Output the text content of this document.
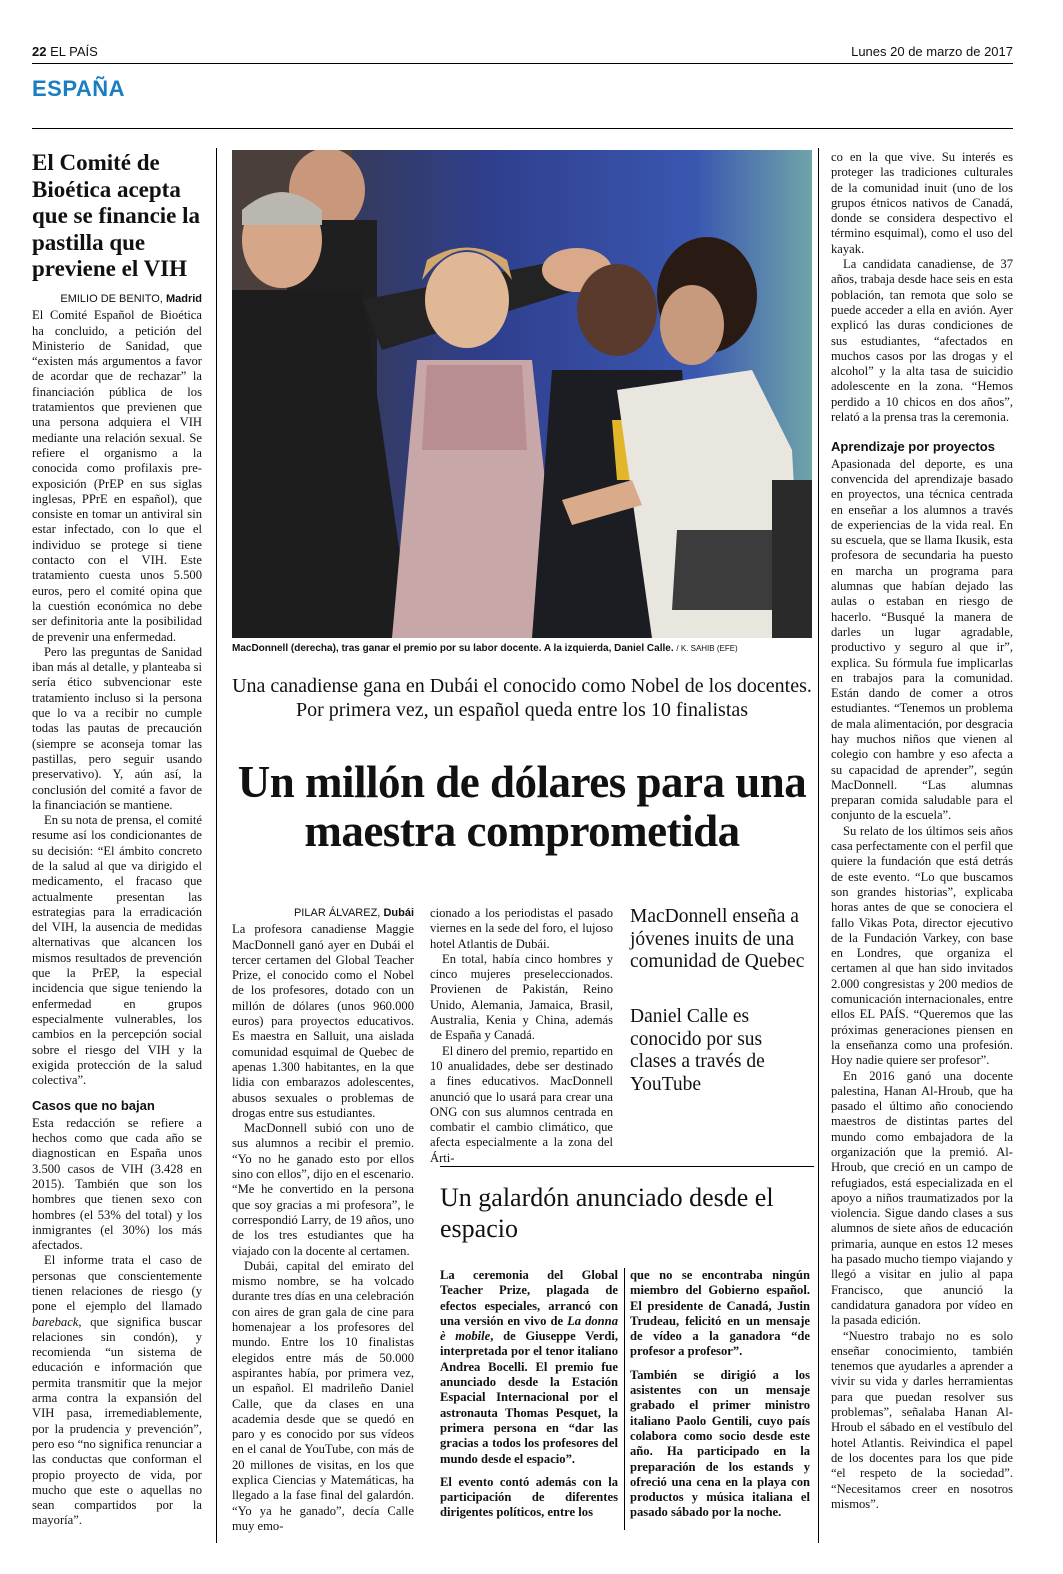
22 EL PAÍS	Lunes 20 de marzo de 2017
ESPAÑA
El Comité de Bioética acepta que se financie la pastilla que previene el VIH
EMILIO DE BENITO, Madrid

El Comité Español de Bioética ha concluido, a petición del Ministerio de Sanidad, que “existen más argumentos a favor de acordar que de rechazar” la financiación pública de los tratamientos que previenen que una persona adquiera el VIH mediante una relación sexual. Se refiere el organismo a la conocida como profilaxis pre-exposición (PrEP en sus siglas inglesas, PPrE en español), que consiste en tomar un antiviral sin estar infectado, con lo que el individuo se protege si tiene contacto con el VIH. Este tratamiento cuesta unos 5.500 euros, pero el comité opina que la cuestión económica no debe ser definitoria ante la posibilidad de prevenir una enfermedad.

Pero las preguntas de Sanidad iban más al detalle, y planteaba si sería ético subvencionar este tratamiento incluso si la persona que lo va a recibir no cumple todas las pautas de precaución (siempre se aconseja tomar las pastillas, pero seguir usando preservativo). Y, aún así, la conclusión del comité a favor de la financiación se mantiene.

En su nota de prensa, el comité resume así los condicionantes de su decisión: “El ámbito concreto de la salud al que va dirigido el medicamento, el fracaso que actualmente presentan las estrategias para la erradicación del VIH, la ausencia de medidas alternativas que alcancen los mismos resultados de prevención que la PrEP, la especial incidencia que sigue teniendo la enfermedad en grupos especialmente vulnerables, los cambios en la percepción social sobre el riesgo del VIH y la exigida protección de la salud colectiva”.

Casos que no bajan

Esta redacción se refiere a hechos como que cada año se diagnostican en España unos 3.500 casos de VIH (3.428 en 2015). También que son los hombres que tienen sexo con hombres (el 53% del total) y los inmigrantes (el 30%) los más afectados.

El informe trata el caso de personas que conscientemente tienen relaciones de riesgo (y pone el ejemplo del llamado bareback, que significa buscar relaciones sin condón), y recomienda “un sistema de educación e información que permita transmitir que la mejor arma contra la expansión del VIH pasa, irremediablemente, por la prudencia y prevención”, pero eso “no significa renunciar a las conductas que conforman el propio proyecto de vida, por mucho que este o aquellas no sean compartidos por la mayoría”.

MacDonnell (derecha), tras ganar el premio por su labor docente. A la izquierda, Daniel Calle. / K. SAHIB (EFE)
Una canadiense gana en Dubái el conocido como Nobel de los docentes. Por primera vez, un español queda entre los 10 finalistas
Un millón de dólares para una maestra comprometida
PILAR ÁLVAREZ, Dubái

La profesora canadiense Maggie MacDonnell ganó ayer en Dubái el tercer certamen del Global Teacher Prize, el conocido como el Nobel de los profesores, dotado con un millón de dólares (unos 960.000 euros) para proyectos educativos. Es maestra en Salluit, una aislada comunidad esquimal de Quebec de apenas 1.300 habitantes, en la que lidia con embarazos adolescentes, abusos sexuales o problemas de drogas entre sus estudiantes.

MacDonnell subió con uno de sus alumnos a recibir el premio. “Yo no he ganado esto por ellos sino con ellos”, dijo en el escenario. “Me he convertido en la persona que soy gracias a mi profesora”, le correspondió Larry, de 19 años, uno de los tres estudiantes que ha viajado con la docente al certamen.

Dubái, capital del emirato del mismo nombre, se ha volcado durante tres días en una celebración con aires de gran gala de cine para homenajear a los profesores del mundo. Entre los 10 finalistas elegidos entre más de 50.000 aspirantes había, por primera vez, un español. El madrileño Daniel Calle, que da clases en una academia desde que se quedó en paro y es conocido por sus vídeos en el canal de YouTube, con más de 20 millones de visitas, en los que explica Ciencias y Matemáticas, ha llegado a la fase final del galardón. “Yo ya he ganado”, decía Calle muy emo-

cionado a los periodistas el pasado viernes en la sede del foro, el lujoso hotel Atlantis de Dubái.

En total, había cinco hombres y cinco mujeres preseleccionados. Provienen de Pakistán, Reino Unido, Alemania, Jamaica, Brasil, Australia, Kenia y China, además de España y Canadá.

El dinero del premio, repartido en 10 anualidades, debe ser destinado a fines educativos. MacDonnell anunció que lo usará para crear una ONG con sus alumnos centrada en combatir el cambio climático, que afecta especialmente a la zona del Árti-

MacDonnell enseña a jóvenes inuits de una comunidad de Quebec
Daniel Calle es conocido por sus clases a través de YouTube
Un galardón anunciado desde el espacio

La ceremonia del Global Teacher Prize, plagada de efectos especiales, arrancó con una versión en vivo de La donna è mobile, de Giuseppe Verdi, interpretada por el tenor italiano Andrea Bocelli. El premio fue anunciado desde la Estación Espacial Internacional por el astronauta Thomas Pesquet, la primera persona en “dar las gracias a todos los profesores del mundo desde el espacio”.

El evento contó además con la participación de diferentes dirigentes políticos, entre los

que no se encontraba ningún miembro del Gobierno español. El presidente de Canadá, Justin Trudeau, felicitó en un mensaje de vídeo a la ganadora “de profesor a profesor”.

También se dirigió a los asistentes con un mensaje grabado el primer ministro italiano Paolo Gentili, cuyo país colabora como socio desde este año. Ha participado en la preparación de los estands y ofreció una cena en la playa con productos y música italiana el pasado sábado por la noche.

co en la que vive. Su interés es proteger las tradiciones culturales de la comunidad inuit (uno de los grupos étnicos nativos de Canadá, donde se considera despectivo el término esquimal), como el uso del kayak.

La candidata canadiense, de 37 años, trabaja desde hace seis en esta población, tan remota que solo se puede acceder a ella en avión. Ayer explicó las duras condiciones de sus estudiantes, “afectados en muchos casos por las drogas y el alcohol” y la alta tasa de suicidio adolescente en la zona. “Hemos perdido a 10 chicos en dos años”, relató a la prensa tras la ceremonia.

Aprendizaje por proyectos

Apasionada del deporte, es una convencida del aprendizaje basado en proyectos, una técnica centrada en enseñar a los alumnos a través de experiencias de la vida real. En su escuela, que se llama Ikusik, esta profesora de secundaria ha puesto en marcha un programa para alumnas que habían dejado las aulas o estaban en riesgo de hacerlo. “Busqué la manera de darles un lugar agradable, productivo y seguro al que ir”, explica. Su fórmula fue implicarlas en trabajos para la comunidad. Están dando de comer a otros estudiantes. “Tenemos un problema de mala alimentación, por desgracia hay muchos niños que vienen al colegio con hambre y eso afecta a su capacidad de aprender”, según MacDonnell. “Las alumnas preparan comida saludable para el conjunto de la escuela”.

Su relato de los últimos seis años casa perfectamente con el perfil que quiere la fundación que está detrás de este evento. “Lo que buscamos son grandes historias”, explicaba horas antes de que se conociera el fallo Vikas Pota, director ejecutivo de la Fundación Varkey, con base en Londres, que organiza el certamen al que han sido invitados 2.000 congresistas y 200 medios de comunicación internacionales, entre ellos EL PAÍS. “Queremos que las próximas generaciones piensen en la enseñanza como una profesión. Hoy nadie quiere ser profesor”.

En 2016 ganó una docente palestina, Hanan Al-Hroub, que ha pasado el último año conociendo maestros de distintas partes del mundo como embajadora de la organización que la premió. Al-Hroub, que creció en un campo de refugiados, está especializada en el apoyo a niños traumatizados por la violencia. Sigue dando clases a sus alumnos de siete años de educación primaria, aunque en estos 12 meses ha pasado mucho tiempo viajando y llegó a visitar en julio al papa Francisco, que anunció la candidatura ganadora por vídeo en la pasada edición.

“Nuestro trabajo no es solo enseñar conocimiento, también tenemos que ayudarles a aprender a vivir su vida y darles herramientas para que puedan resolver sus problemas”, señalaba Hanan Al-Hroub el sábado en el vestíbulo del hotel Atlantis. Reivindica el papel de los docentes para los que pide “el respeto de la sociedad”. “Necesitamos creer en nosotros mismos”.
